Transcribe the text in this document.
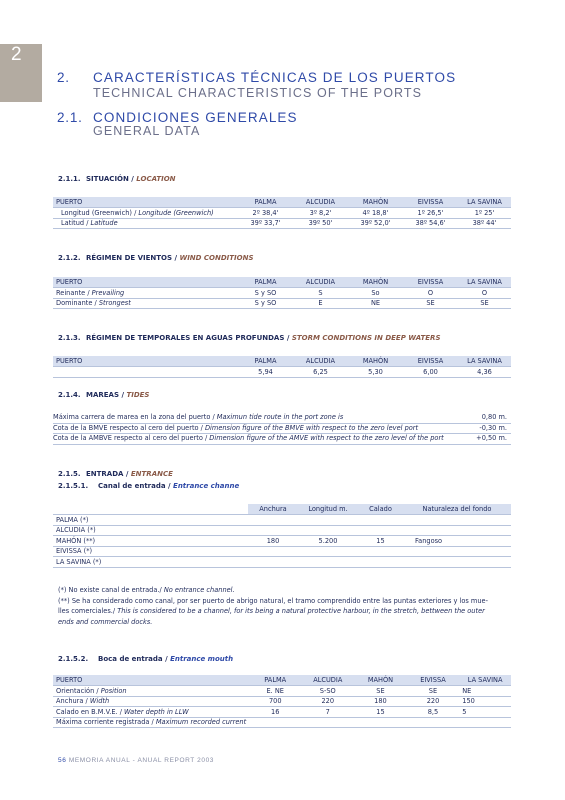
2
2. CARACTERÍSTICAS TÉCNICAS DE LOS PUERTOS
TECHNICAL CHARACTERISTICS OF THE PORTS
2.1. CONDICIONES GENERALES
GENERAL DATA
2.1.1. SITUACIÓN / LOCATION
PUERTO	PALMA	ALCUDIA	MAHÓN	EIVISSA	LA SAVINA
Longitud (Greenwich) / Longitude (Greenwich)	2º 38,4'	3º 8,2'	4º 18,8'	1º 26,5'	1º 25'
Latitud / Latitude	39º 33,7'	39º 50'	39º 52,0'	38º 54,6'	38º 44'
2.1.2. RÉGIMEN DE VIENTOS / WIND CONDITIONS
PUERTO	PALMA	ALCUDIA	MAHÓN	EIVISSA	LA SAVINA
Reinante / Prevailing	S y SO	S	So	O	O
Dominante / Strongest	S y SO	E	NE	SE	SE
2.1.3. RÉGIMEN DE TEMPORALES EN AGUAS PROFUNDAS / STORM CONDITIONS IN DEEP WATERS
PUERTO	PALMA	ALCUDIA	MAHÓN	EIVISSA	LA SAVINA
	5,94	6,25	5,30	6,00	4,36
2.1.4. MAREAS / TIDES
Máxima carrera de marea en la zona del puerto / Maximun tide route in the port zone is	0,80 m.
Cota de la BMVE respecto al cero del puerto / Dimension figure of the BMVE with respect to the zero level port	-0,30 m.
Cota de la AMBVE respecto al cero del puerto / Dimension figure of the AMVE with respect to the zero level of the port	+0,50 m.
2.1.5. ENTRADA / ENTRANCE
2.1.5.1. Canal de entrada / Entrance channe
	Anchura	Longitud m.	Calado	Naturaleza del fondo
PALMA (*)				
ALCUDIA (*)				
MAHÓN (**)	180	5.200	15	Fangoso
EIVISSA (*)				
LA SAVINA (*)				
(*) No existe canal de entrada./ No entrance channel.
(**) Se ha considerado como canal, por ser puerto de abrigo natural, el tramo comprendido entre las puntas exteriores y los mue-
lles comerciales./ This is considered to be a channel, for its being a natural protective harbour, in the stretch, bettween the outer
ends and commercial docks.
2.1.5.2. Boca de entrada / Entrance mouth
PUERTO	PALMA	ALCUDIA	MAHÓN	EIVISSA	LA SAVINA
Orientación / Position	E. NE	S-SO	SE	SE	NE
Anchura / Width	700	220	180	220	150
Calado en B.M.V.E. / Water depth in LLW	16	7	15	8,5	5
Máxima corriente registrada / Maximum recorded current					
56 MEMORIA ANUAL - ANUAL REPORT 2003
